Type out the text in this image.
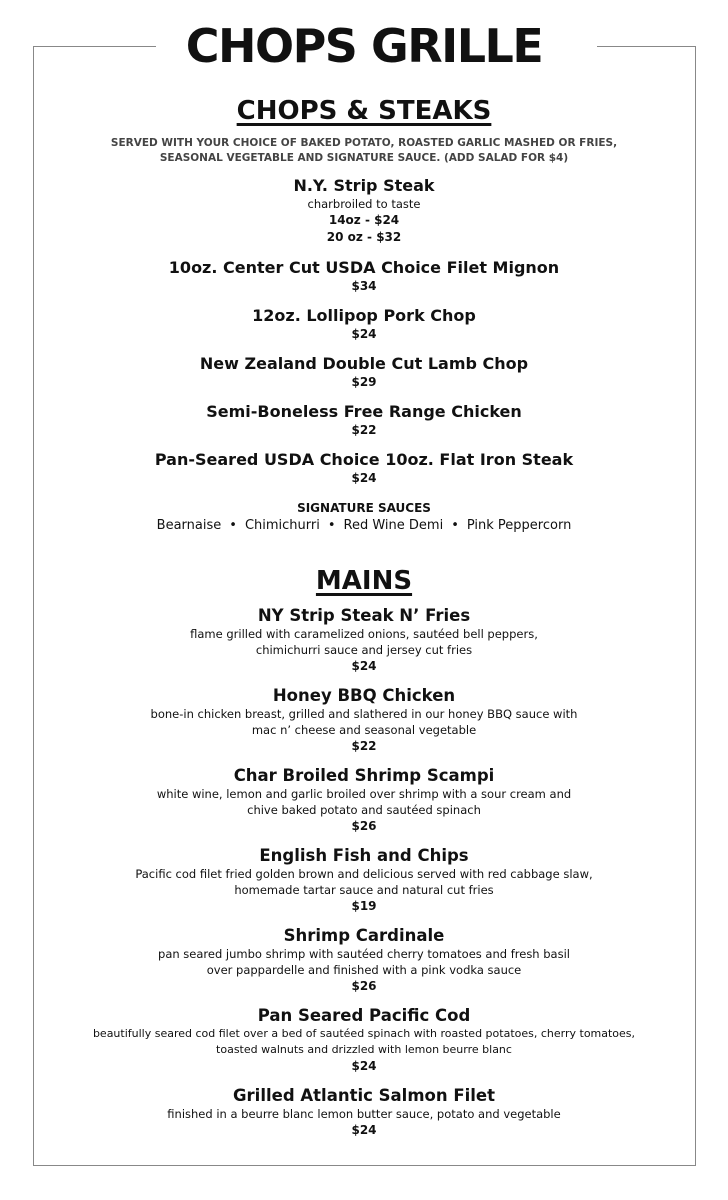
CHOPS GRILLE
CHOPS & STEAKS
SERVED WITH YOUR CHOICE OF BAKED POTATO, ROASTED GARLIC MASHED OR FRIES,
SEASONAL VEGETABLE AND SIGNATURE SAUCE. (ADD SALAD FOR $4)
N.Y. Strip Steak
charbroiled to taste
14oz - $24
20 oz - $32
10oz. Center Cut USDA Choice Filet Mignon
$34
12oz. Lollipop Pork Chop
$24
New Zealand Double Cut Lamb Chop
$29
Semi-Boneless Free Range Chicken
$22
Pan-Seared USDA Choice 10oz. Flat Iron Steak
$24
SIGNATURE SAUCES
Bearnaise • Chimichurri • Red Wine Demi • Pink Peppercorn
MAINS
NY Strip Steak N’ Fries
flame grilled with caramelized onions, sautéed bell peppers,
chimichurri sauce and jersey cut fries
$24
Honey BBQ Chicken
bone-in chicken breast, grilled and slathered in our honey BBQ sauce with
mac n’ cheese and seasonal vegetable
$22
Char Broiled Shrimp Scampi
white wine, lemon and garlic broiled over shrimp with a sour cream and
chive baked potato and sautéed spinach
$26
English Fish and Chips
Pacific cod filet fried golden brown and delicious served with red cabbage slaw,
homemade tartar sauce and natural cut fries
$19
Shrimp Cardinale
pan seared jumbo shrimp with sautéed cherry tomatoes and fresh basil
over pappardelle and finished with a pink vodka sauce
$26
Pan Seared Pacific Cod
beautifully seared cod filet over a bed of sautéed spinach with roasted potatoes, cherry tomatoes,
toasted walnuts and drizzled with lemon beurre blanc
$24
Grilled Atlantic Salmon Filet
finished in a beurre blanc lemon butter sauce, potato and vegetable
$24
